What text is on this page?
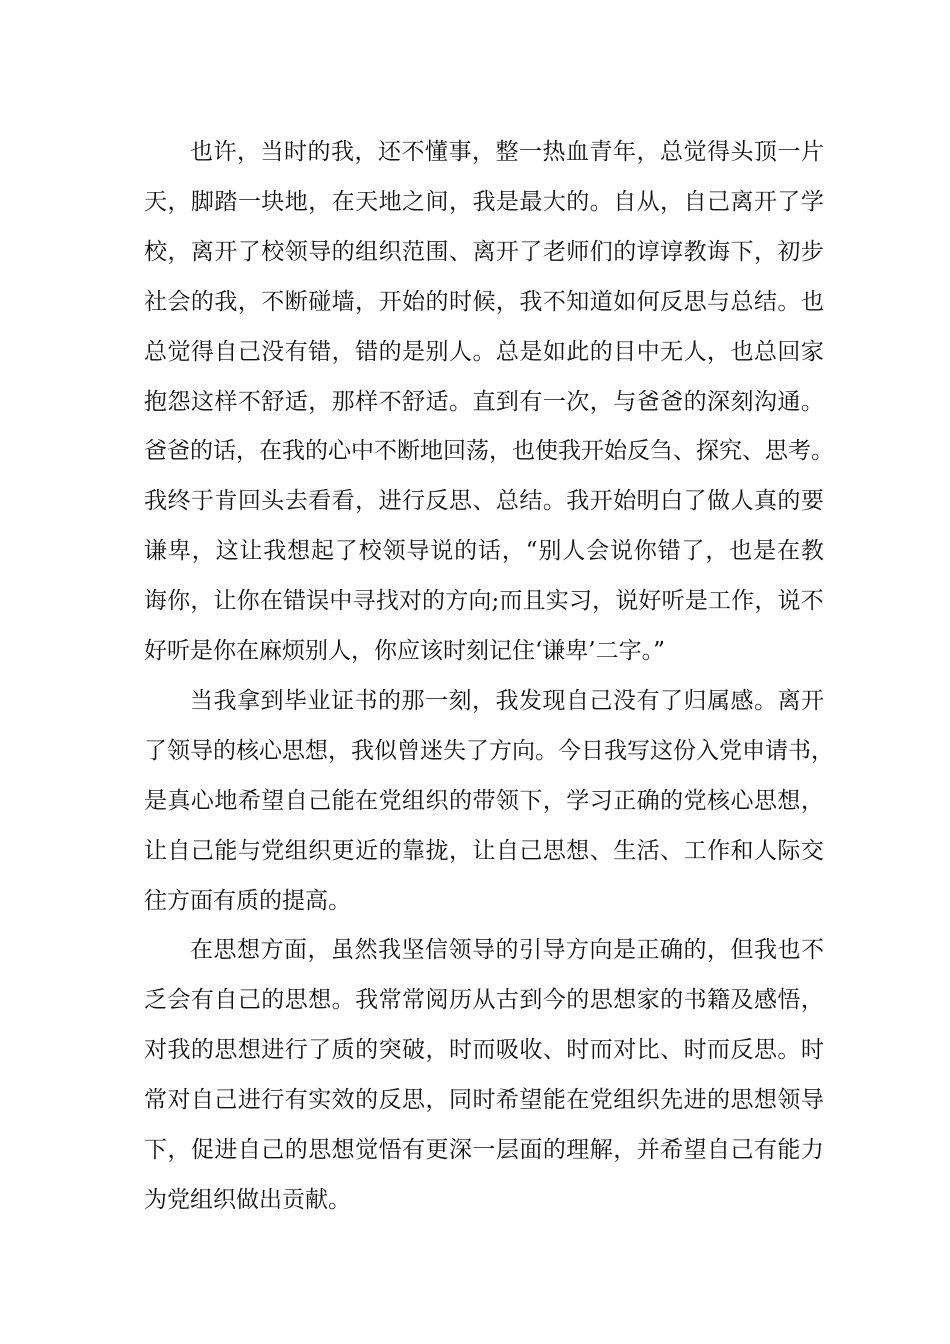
也许，当时的我，还不懂事，整一热血青年，总觉得头顶一片
天，脚踏一块地，在天地之间，我是最大的。自从，自己离开了学
校，离开了校领导的组织范围、离开了老师们的谆谆教诲下，初步
社会的我，不断碰墙，开始的时候，我不知道如何反思与总结。也
总觉得自己没有错，错的是别人。总是如此的目中无人，也总回家
抱怨这样不舒适，那样不舒适。直到有一次，与爸爸的深刻沟通。
爸爸的话，在我的心中不断地回荡，也使我开始反刍、探究、思考。
我终于肯回头去看看，进行反思、总结。我开始明白了做人真的要
谦卑，这让我想起了校领导说的话，“别人会说你错了，也是在教
诲你，让你在错误中寻找对的方向;而且实习，说好听是工作，说不
好听是你在麻烦别人，你应该时刻记住‘谦卑’二字。”
当我拿到毕业证书的那一刻，我发现自己没有了归属感。离开
了领导的核心思想，我似曾迷失了方向。今日我写这份入党申请书，
是真心地希望自己能在党组织的带领下，学习正确的党核心思想，
让自己能与党组织更近的靠拢，让自己思想、生活、工作和人际交
往方面有质的提高。
在思想方面，虽然我坚信领导的引导方向是正确的，但我也不
乏会有自己的思想。我常常阅历从古到今的思想家的书籍及感悟，
对我的思想进行了质的突破，时而吸收、时而对比、时而反思。时
常对自己进行有实效的反思，同时希望能在党组织先进的思想领导
下，促进自己的思想觉悟有更深一层面的理解，并希望自己有能力
为党组织做出贡献。
